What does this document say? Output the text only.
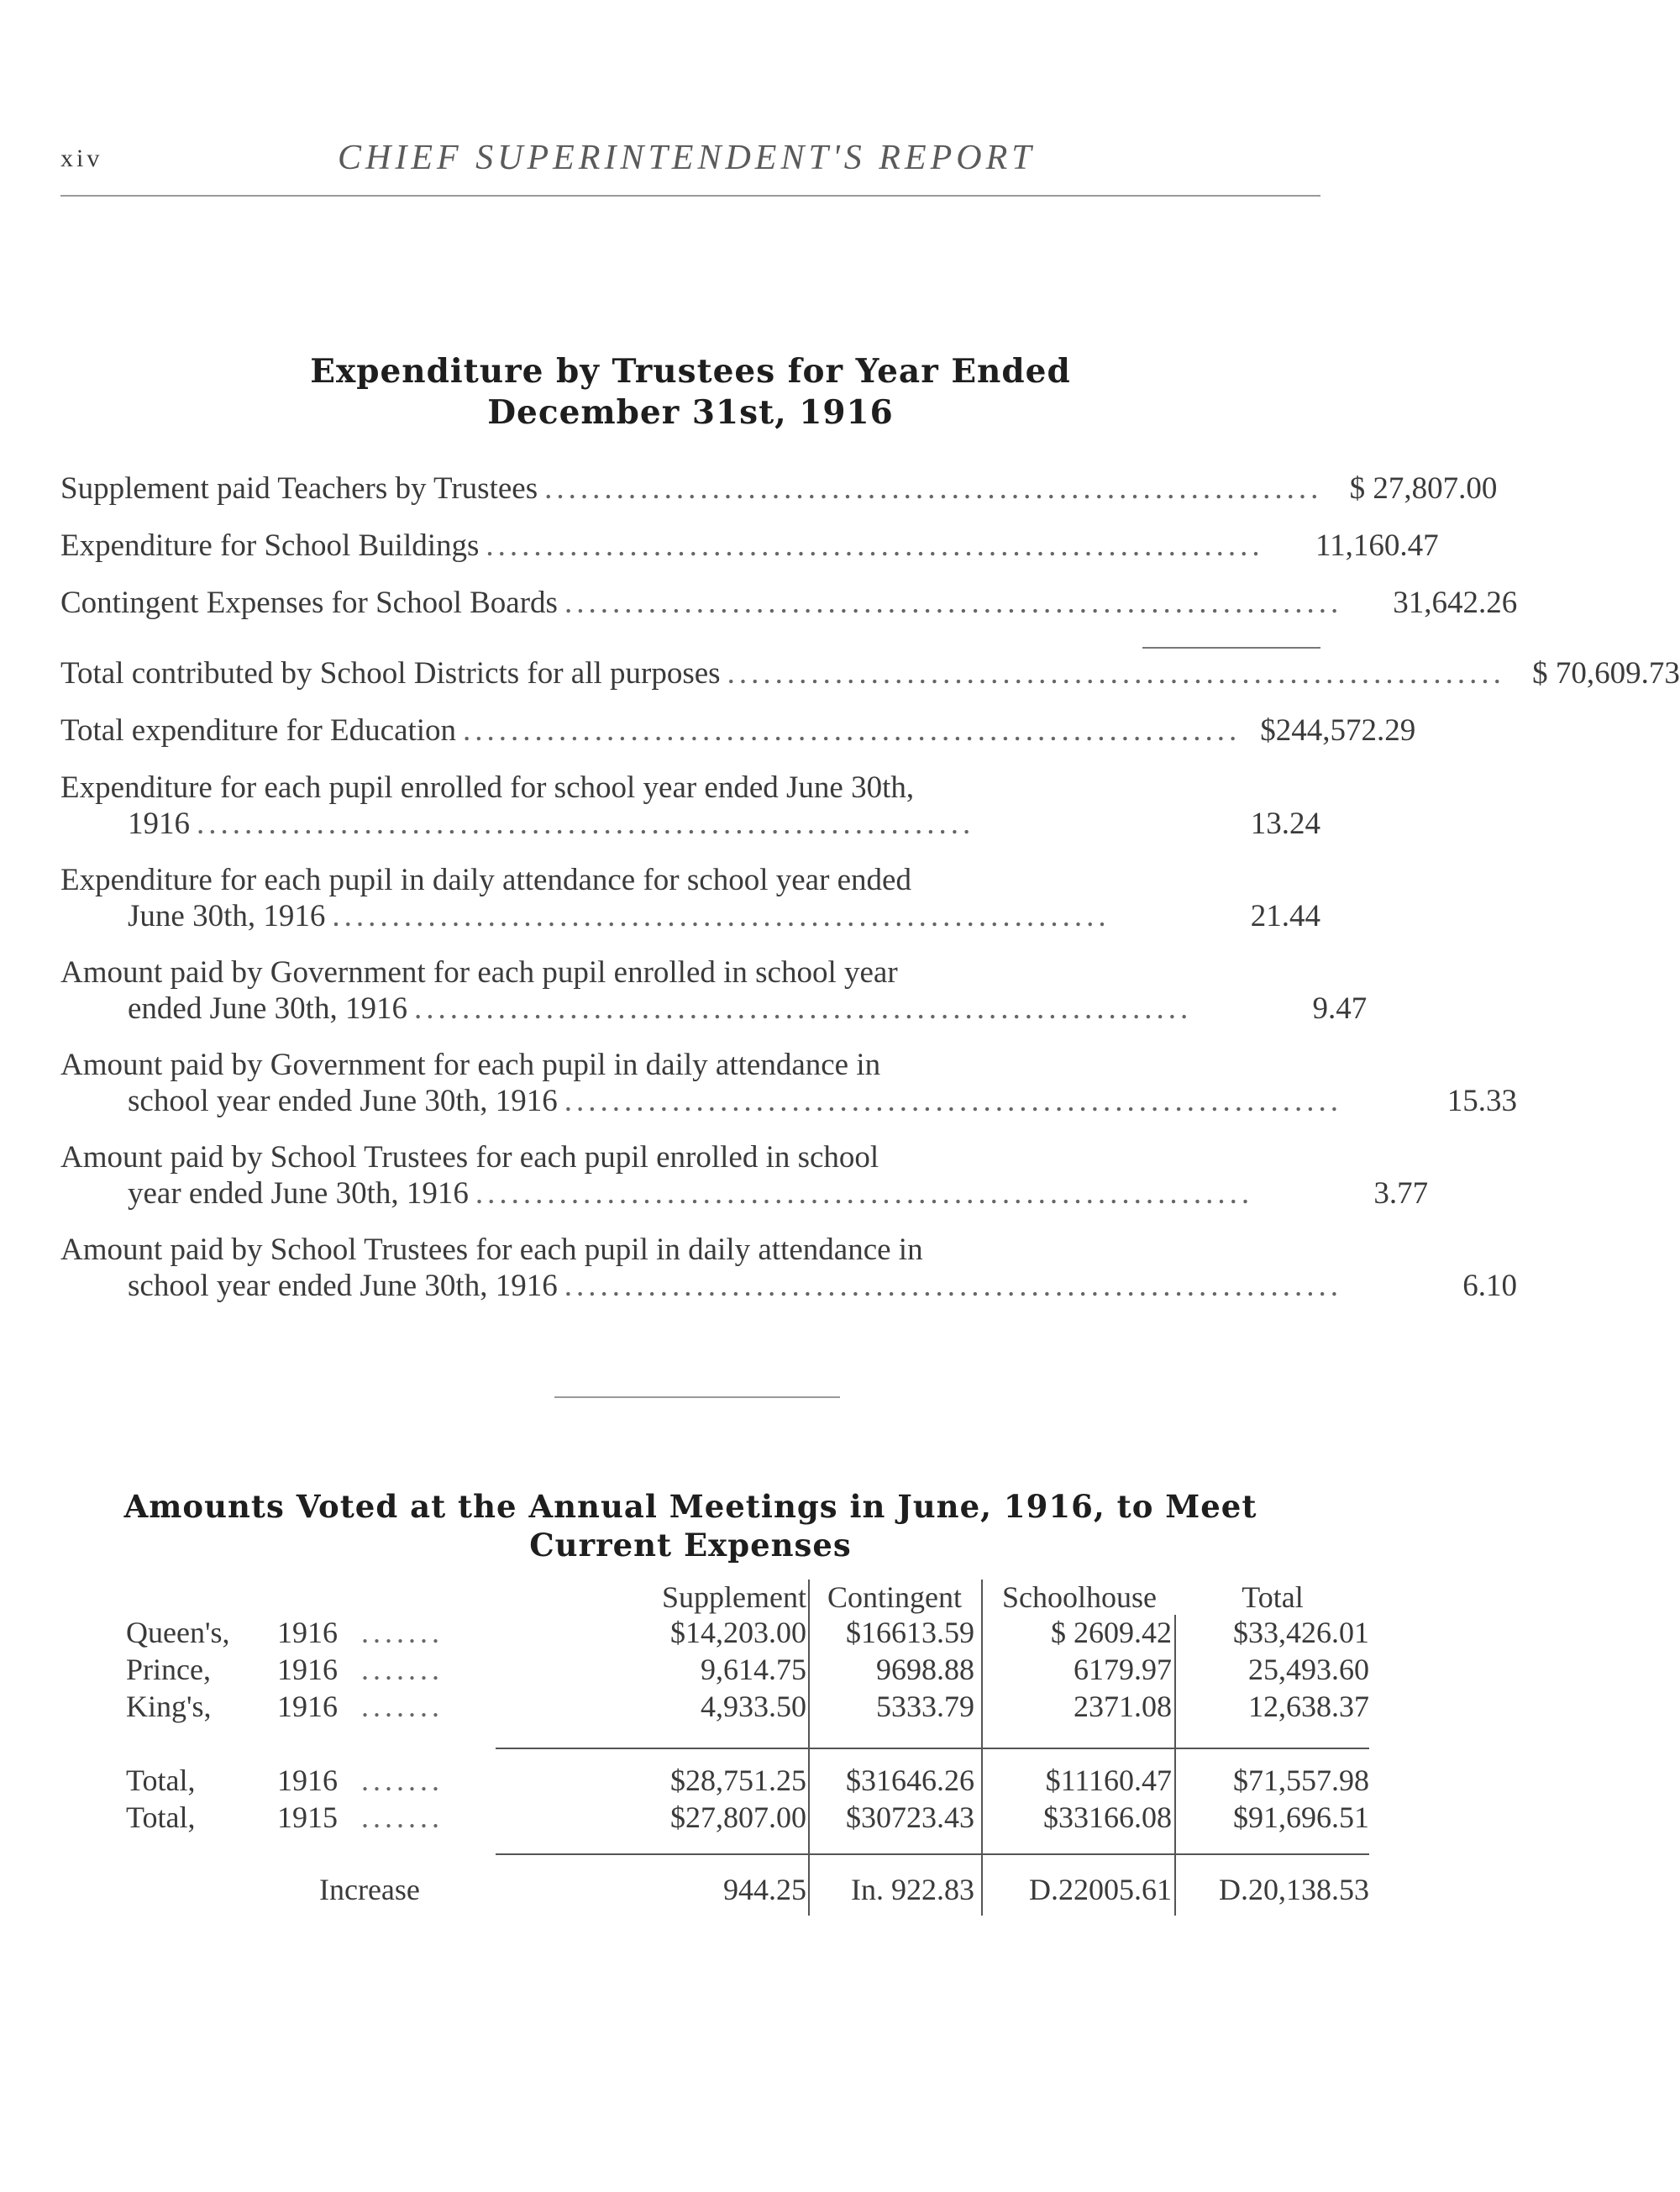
xiv	CHIEF SUPERINTENDENT'S REPORT
Expenditure by Trustees for Year Ended
December 31st, 1916
Supplement paid Teachers by Trustees ................................................................. $ 27,807.00
Expenditure for School Buildings .................................................................	11,160.47
Contingent Expenses for School Boards .................................................................	31,642.26
Total contributed by School Districts for all purposes ................................................................. $ 70,609.73
Total expenditure for Education ................................................................. $244,572.29
Expenditure for each pupil enrolled for school year ended June 30th,
1916 .................................................................	13.24
Expenditure for each pupil in daily attendance for school year ended
June 30th, 1916 .................................................................	21.44
Amount paid by Government for each pupil enrolled in school year
ended June 30th, 1916 .................................................................	9.47
Amount paid by Government for each pupil in daily attendance in
school year ended June 30th, 1916 .................................................................	15.33
Amount paid by School Trustees for each pupil enrolled in school
year ended June 30th, 1916 .................................................................	3.77
Amount paid by School Trustees for each pupil in daily attendance in
school year ended June 30th, 1916 .................................................................	6.10
Amounts Voted at the Annual Meetings in June, 1916, to Meet
Current Expenses
Supplement Contingent	Schoolhouse	Total
Queen's,	1916 .......	$14,203.00	$16613.59	$ 2609.42	$33,426.01
Prince,	1916 .......	9,614.75	9698.88	6179.97	25,493.60
King's,	1916 .......	4,933.50	5333.79	2371.08	12,638.37
Total,	1916 .......	$28,751.25	$31646.26	$11160.47	$71,557.98
Total,	1915 .......	$27,807.00	$30723.43	$33166.08	$91,696.51
Increase	944.25	In. 922.83	D.22005.61	D.20,138.53
